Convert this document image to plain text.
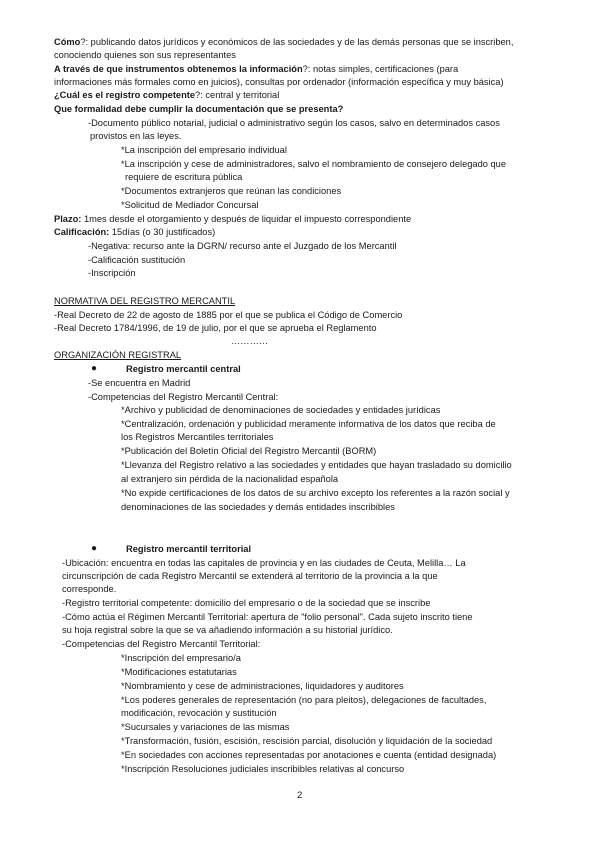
Cómo?: publicando datos jurídicos y económicos de las sociedades y de las demás personas que se inscriben,
conociendo quienes son sus representantes
A través de que instrumentos obtenemos la información?: notas simples, certificaciones (para
informaciones más formales como en juicios), consultas por ordenador (información específica y muy básica)
¿Cuál es el registro competente?: central y territorial
Que formalidad debe cumplir la documentación que se presenta?
-Documento público notarial, judicial o administrativo según los casos, salvo en determinados casos
provistos en las leyes.
*La inscripción del empresario individual
*La inscripción y cese de administradores, salvo el nombramiento de consejero delegado que
requiere de escritura pública
*Documentos extranjeros que reúnan las condiciones
*Solicitud de Mediador Concursal
Plazo: 1mes desde el otorgamiento y después de liquidar el impuesto correspondiente
Calificación: 15días (o 30 justificados)
-Negativa: recurso ante la DGRN/ recurso ante el Juzgado de los Mercantil
-Calificación sustitución
-Inscripción
NORMATIVA DEL REGISTRO MERCANTIL
-Real Decreto de 22 de agosto de 1885 por el que se publica el Código de Comercio
-Real Decreto 1784/1996, de 19 de julio, por el que se aprueba el Reglamento
…………
ORGANIZACIÓN REGISTRAL
●	Registro mercantil central
-Se encuentra en Madrid
-Competencias del Registro Mercantil Central:
*Archivo y publicidad de denominaciones de sociedades y entidades jurídicas
*Centralización, ordenación y publicidad meramente informativa de los datos que reciba de
los Registros Mercantiles territoriales
*Publicación del Boletín Oficial del Registro Mercantil (BORM)
*Llevanza del Registro relativo a las sociedades y entidades que hayan trasladado su domicilio
al extranjero sin pérdida de la nacionalidad española
*No expide certificaciones de los datos de su archivo excepto los referentes a la razón social y
denominaciones de las sociedades y demás entidades inscribibles
●	Registro mercantil territorial
-Ubicación: encuentra en todas las capitales de provincia y en las ciudades de Ceuta, Melilla… La
circunscripción de cada Registro Mercantil se extenderá al territorio de la provincia a la que
corresponde.
-Registro territorial competente: domicilio del empresario o de la sociedad que se inscribe
-Cómo actúa el Régimen Mercantil Territorial: apertura de "folio personal". Cada sujeto inscrito tiene
su hoja registral sobre la que se va añadiendo información a su historial jurídico.
-Competencias del Registro Mercantil Territorial:
*Inscripción del empresario/a
*Modificaciones estatutarias
*Nombramiento y cese de administraciones, liquidadores y auditores
*Los poderes generales de representación (no para pleitos), delegaciones de facultades,
modificación, revocación y sustitución
*Sucursales y variaciones de las mismas
*Transformación, fusión, escisión, rescisión parcial, disolución y liquidación de la sociedad
*En sociedades con acciones representadas por anotaciones e cuenta (entidad designada)
*Inscripción Resoluciones judiciales inscribibles relativas al concurso
2
